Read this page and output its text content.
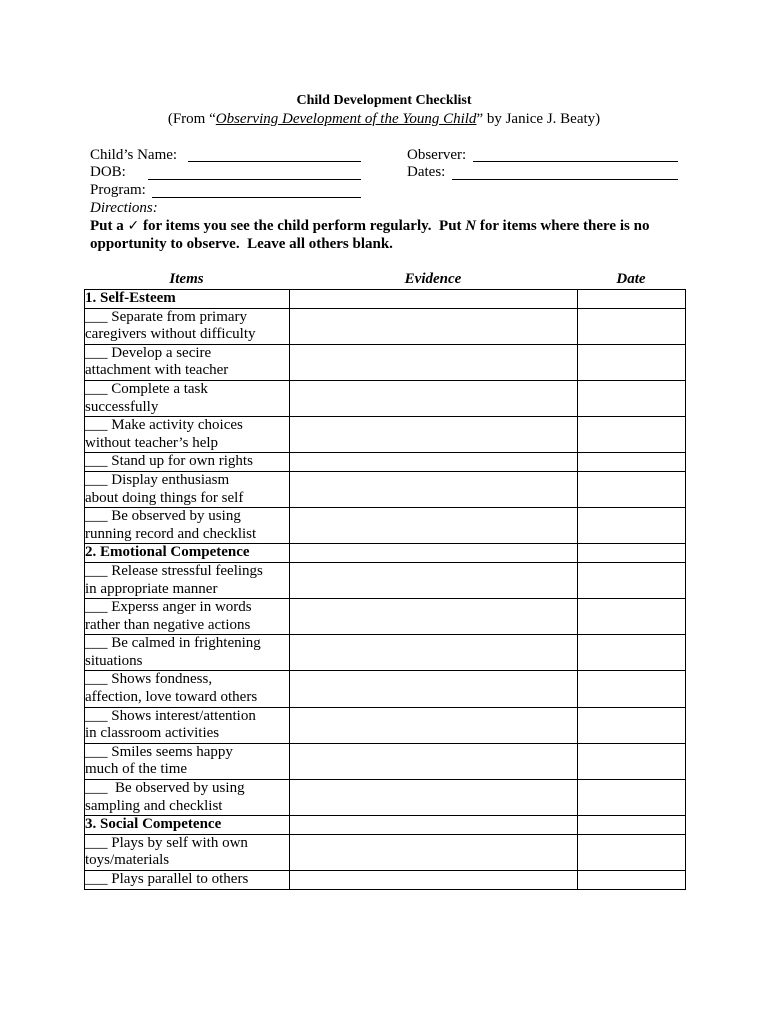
Child Development Checklist
(From “Observing Development of the Young Child” by Janice J. Beaty)
Child’s Name:	Observer:
DOB:	Dates:
Program:
Directions:
Put a ✓ for items you see the child perform regularly.  Put N for items where there is no
opportunity to observe.  Leave all others blank.
Items	Evidence	Date
1. Self-Esteem		

___ Separate from primary
caregivers without difficulty		

___ Develop a secire
attachment with teacher		

___ Complete a task
successfully		

___ Make activity choices
without teacher’s help		

___ Stand up for own rights		

___ Display enthusiasm
about doing things for self		

___ Be observed by using
running record and checklist		

2. Emotional Competence		

___ Release stressful feelings
in appropriate manner		

___ Experss anger in words
rather than negative actions		

___ Be calmed in frightening
situations		

___ Shows fondness,
affection, love toward others		

___ Shows interest/attention
in classroom activities		

___ Smiles seems happy
much of the time		

___  Be observed by using
sampling and checklist		

3. Social Competence		

___ Plays by self with own
toys/materials		

___ Plays parallel to others		
